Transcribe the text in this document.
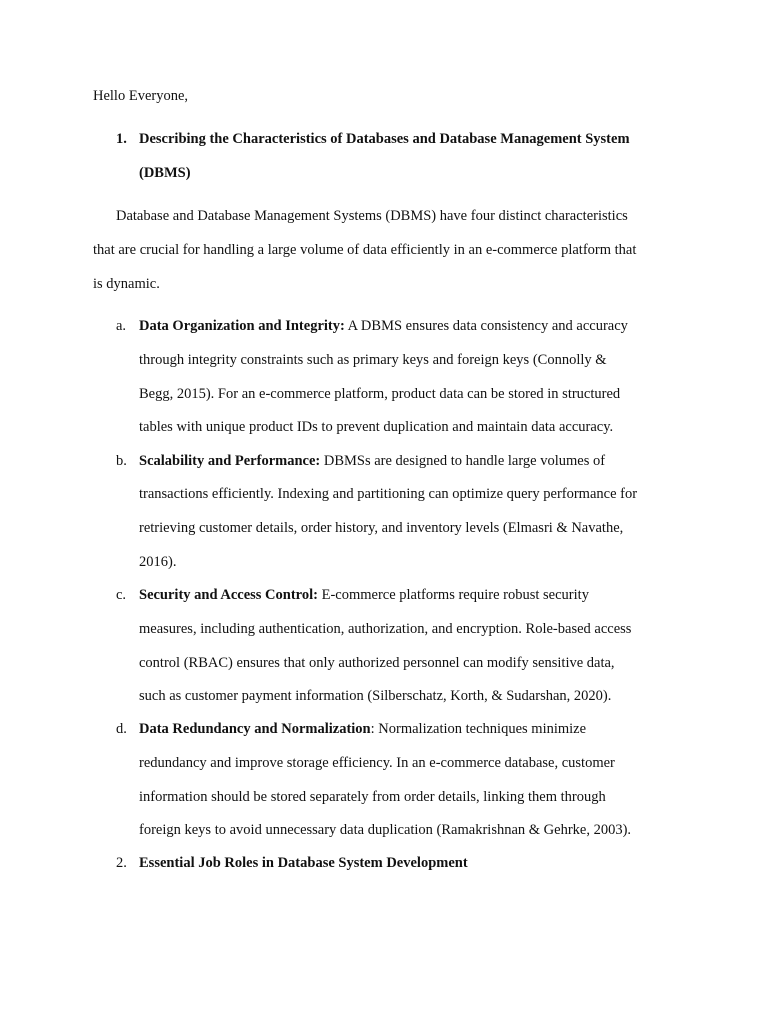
Hello Everyone,
1. Describing the Characteristics of Databases and Database Management System
(DBMS)
Database and Database Management Systems (DBMS) have four distinct characteristics
that are crucial for handling a large volume of data efficiently in an e-commerce platform that
is dynamic.
a. Data Organization and Integrity: A DBMS ensures data consistency and accuracy
through integrity constraints such as primary keys and foreign keys (Connolly &
Begg, 2015). For an e-commerce platform, product data can be stored in structured
tables with unique product IDs to prevent duplication and maintain data accuracy.
b. Scalability and Performance: DBMSs are designed to handle large volumes of
transactions efficiently. Indexing and partitioning can optimize query performance for
retrieving customer details, order history, and inventory levels (Elmasri & Navathe,
2016).
c. Security and Access Control: E-commerce platforms require robust security
measures, including authentication, authorization, and encryption. Role-based access
control (RBAC) ensures that only authorized personnel can modify sensitive data,
such as customer payment information (Silberschatz, Korth, & Sudarshan, 2020).
d. Data Redundancy and Normalization: Normalization techniques minimize
redundancy and improve storage efficiency. In an e-commerce database, customer
information should be stored separately from order details, linking them through
foreign keys to avoid unnecessary data duplication (Ramakrishnan & Gehrke, 2003).
2. Essential Job Roles in Database System Development
